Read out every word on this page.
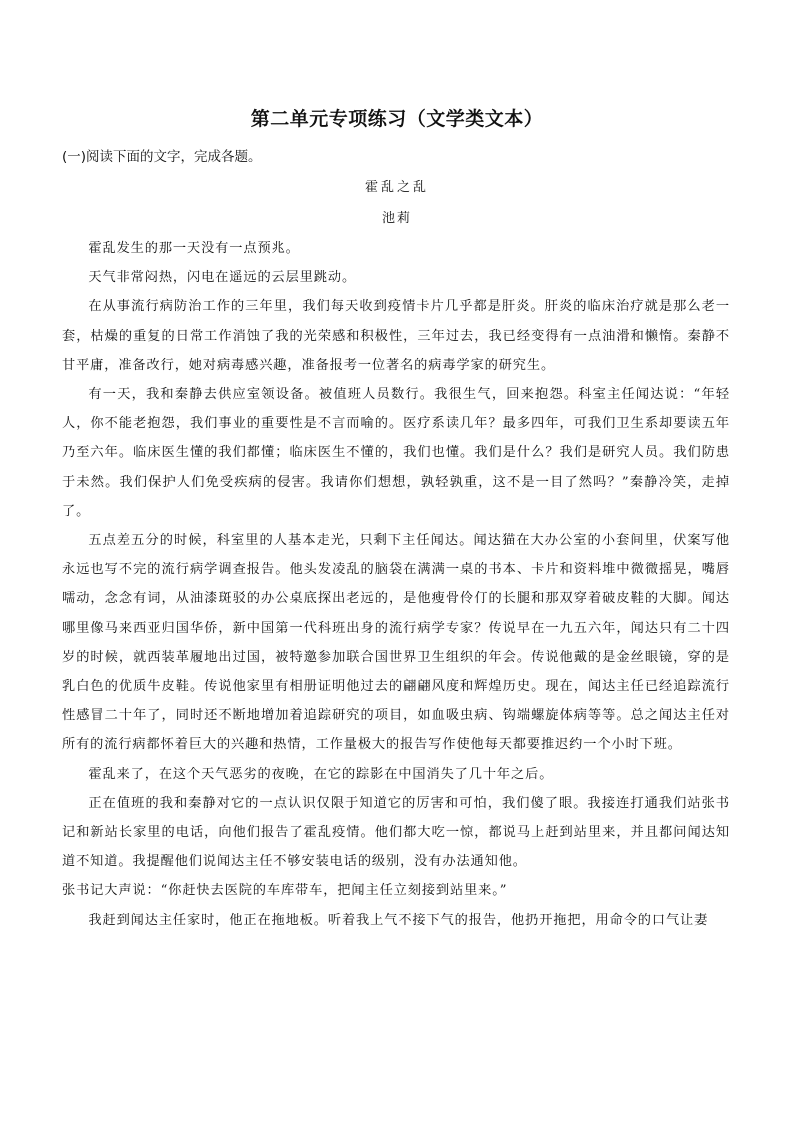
第二单元专项练习（文学类文本）

(一)阅读下面的文字，完成各题。

霍乱之乱

池莉

霍乱发生的那一天没有一点预兆。

天气非常闷热，闪电在遥远的云层里跳动。

在从事流行病防治工作的三年里，我们每天收到疫情卡片几乎都是肝炎。肝炎的临床治疗就是那么老一套，枯燥的重复的日常工作消蚀了我的光荣感和积极性，三年过去，我已经变得有一点油滑和懒惰。秦静不甘平庸，准备改行，她对病毒感兴趣，准备报考一位著名的病毒学家的研究生。

有一天，我和秦静去供应室领设备。被值班人员数行。我很生气，回来抱怨。科室主任闻达说：“年轻人，你不能老抱怨，我们事业的重要性是不言而喻的。医疗系读几年？最多四年，可我们卫生系却要读五年乃至六年。临床医生懂的我们都懂；临床医生不懂的，我们也懂。我们是什么？我们是研究人员。我们防患于未然。我们保护人们免受疾病的侵害。我请你们想想，孰轻孰重，这不是一目了然吗？”秦静冷笑，走掉了。

五点差五分的时候，科室里的人基本走光，只剩下主任闻达。闻达猫在大办公室的小套间里，伏案写他永远也写不完的流行病学调查报告。他头发凌乱的脑袋在满满一桌的书本、卡片和资料堆中微微摇晃，嘴唇嚅动，念念有词，从油漆斑驳的办公桌底探出老远的，是他瘦骨伶仃的长腿和那双穿着破皮鞋的大脚。闻达哪里像马来西亚归国华侨，新中国第一代科班出身的流行病学专家？传说早在一九五六年，闻达只有二十四岁的时候，就西装革履地出过国，被特邀参加联合国世界卫生组织的年会。传说他戴的是金丝眼镜，穿的是乳白色的优质牛皮鞋。传说他家里有相册证明他过去的翩翩风度和辉煌历史。现在，闻达主任已经追踪流行性感冒二十年了，同时还不断地增加着追踪研究的项目，如血吸虫病、钩端螺旋体病等等。总之闻达主任对所有的流行病都怀着巨大的兴趣和热情，工作量极大的报告写作使他每天都要推迟约一个小时下班。

霍乱来了，在这个天气恶劣的夜晚，在它的踪影在中国消失了几十年之后。

正在值班的我和秦静对它的一点认识仅限于知道它的厉害和可怕，我们傻了眼。我接连打通我们站张书记和新站长家里的电话，向他们报告了霍乱疫情。他们都大吃一惊，都说马上赶到站里来，并且都问闻达知道不知道。我提醒他们说闻达主任不够安装电话的级别，没有办法通知他。

张书记大声说：“你赶快去医院的车库带车，把闻主任立刻接到站里来。”

我赶到闻达主任家时，他正在拖地板。听着我上气不接下气的报告，他扔开拖把，用命令的口气让妻
